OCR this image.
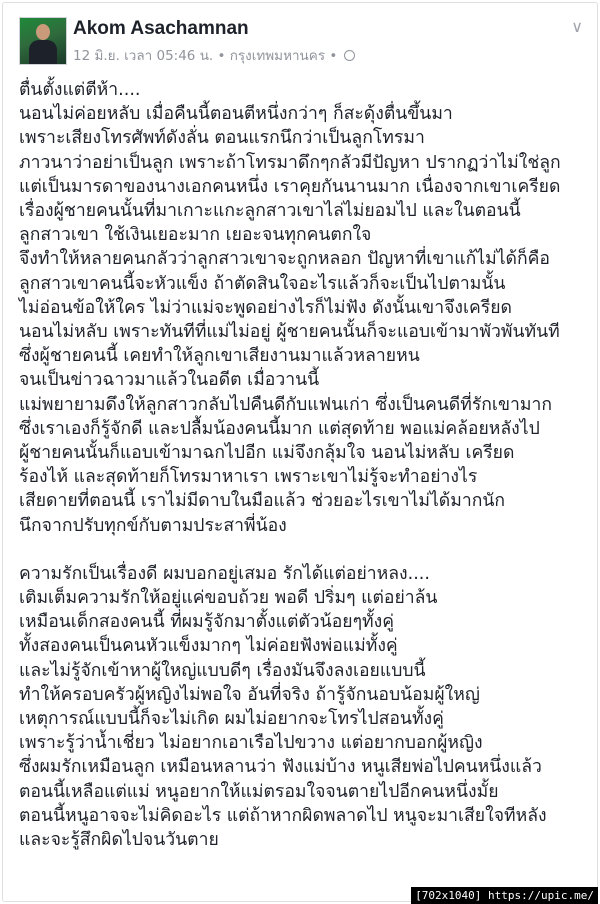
Akom Asachamnan
12 มิ.ย. เวลา 05:46 น. • กรุงเทพมหานคร •
∨

ตื่นตั้งแต่ตีห้า....

นอนไม่ค่อยหลับ เมื่อคืนนี้ตอนตีหนึ่งกว่าๆ ก็สะดุ้งตื่นขึ้นมา

เพราะเสียงโทรศัพท์ดังลั่น ตอนแรกนึกว่าเป็นลูกโทรมา

ภาวนาว่าอย่าเป็นลูก เพราะถ้าโทรมาดึกๆกลัวมีปัญหา ปรากฏว่าไม่ใช่ลูก

แต่เป็นมารดาของนางเอกคนหนึ่ง เราคุยกันนานมาก เนื่องจากเขาเครียด

เรื่องผู้ชายคนนั้นที่มาเกาะแกะลูกสาวเขาไล่ไม่ยอมไป และในตอนนี้

ลูกสาวเขา ใช้เงินเยอะมาก เยอะจนทุกคนตกใจ

จึงทำให้หลายคนกลัวว่าลูกสาวเขาจะถูกหลอก ปัญหาที่เขาแก้ไม่ได้ก็คือ

ลูกสาวเขาคนนี้จะหัวแข็ง ถ้าตัดสินใจอะไรแล้วก็จะเป็นไปตามนั้น

ไม่อ่อนข้อให้ใคร ไม่ว่าแม่จะพูดอย่างไรก็ไม่ฟัง ดังนั้นเขาจึงเครียด

นอนไม่หลับ เพราะทันทีที่แม่ไม่อยู่ ผู้ชายคนนั้นก็จะแอบเข้ามาพัวพันทันที

ซึ่งผู้ชายคนนี้ เคยทำให้ลูกเขาเสียงานมาแล้วหลายหน

จนเป็นข่าวฉาวมาแล้วในอดีต เมื่อวานนี้

แม่พยายามดึงให้ลูกสาวกลับไปคืนดีกับแฟนเก่า ซึ่งเป็นคนดีที่รักเขามาก

ซึ่งเราเองก็รู้จักดี และปลื้มน้องคนนี้มาก แต่สุดท้าย พอแม่คล้อยหลังไป

ผู้ชายคนนั้นก็แอบเข้ามาฉกไปอีก แม่จึงกลุ้มใจ นอนไม่หลับ เครียด

ร้องไห้ และสุดท้ายก็โทรมาหาเรา เพราะเขาไม่รู้จะทำอย่างไร

เสียดายที่ตอนนี้ เราไม่มีดาบในมือแล้ว ช่วยอะไรเขาไม่ได้มากนัก

นึกจากปรับทุกข์กับตามประสาพี่น้อง

ความรักเป็นเรื่องดี ผมบอกอยู่เสมอ รักได้แต่อย่าหลง....

เติมเต็มความรักให้อยู่แค่ขอบถ้วย พอดี ปริ่มๆ แต่อย่าล้น

เหมือนเด็กสองคนนี้ ที่ผมรู้จักมาตั้งแต่ตัวน้อยๆทั้งคู่

ทั้งสองคนเป็นคนหัวแข็งมากๆ ไม่ค่อยฟังพ่อแม่ทั้งคู่

และไม่รู้จักเข้าหาผู้ใหญ่แบบดีๆ เรื่องมันจึงลงเอยแบบนี้

ทำให้ครอบครัวผู้หญิงไม่พอใจ อันที่จริง ถ้ารู้จักนอบน้อมผู้ใหญ่

เหตุการณ์แบบนี้ก็จะไม่เกิด ผมไม่อยากจะโทรไปสอนทั้งคู่

เพราะรู้ว่าน้ำเชี่ยว ไม่อยากเอาเรือไปขวาง แต่อยากบอกผู้หญิง

ซึ่งผมรักเหมือนลูก เหมือนหลานว่า ฟังแม่บ้าง หนูเสียพ่อไปคนหนึ่งแล้ว

ตอนนี้เหลือแต่แม่ หนูอยากให้แม่ตรอมใจจนตายไปอีกคนหนึ่งมั้ย

ตอนนี้หนูอาจจะไม่คิดอะไร แต่ถ้าหากผิดพลาดไป หนูจะมาเสียใจทีหลัง

และจะรู้สึกผิดไปจนวันตาย

[702x1040] https://upic.me/
